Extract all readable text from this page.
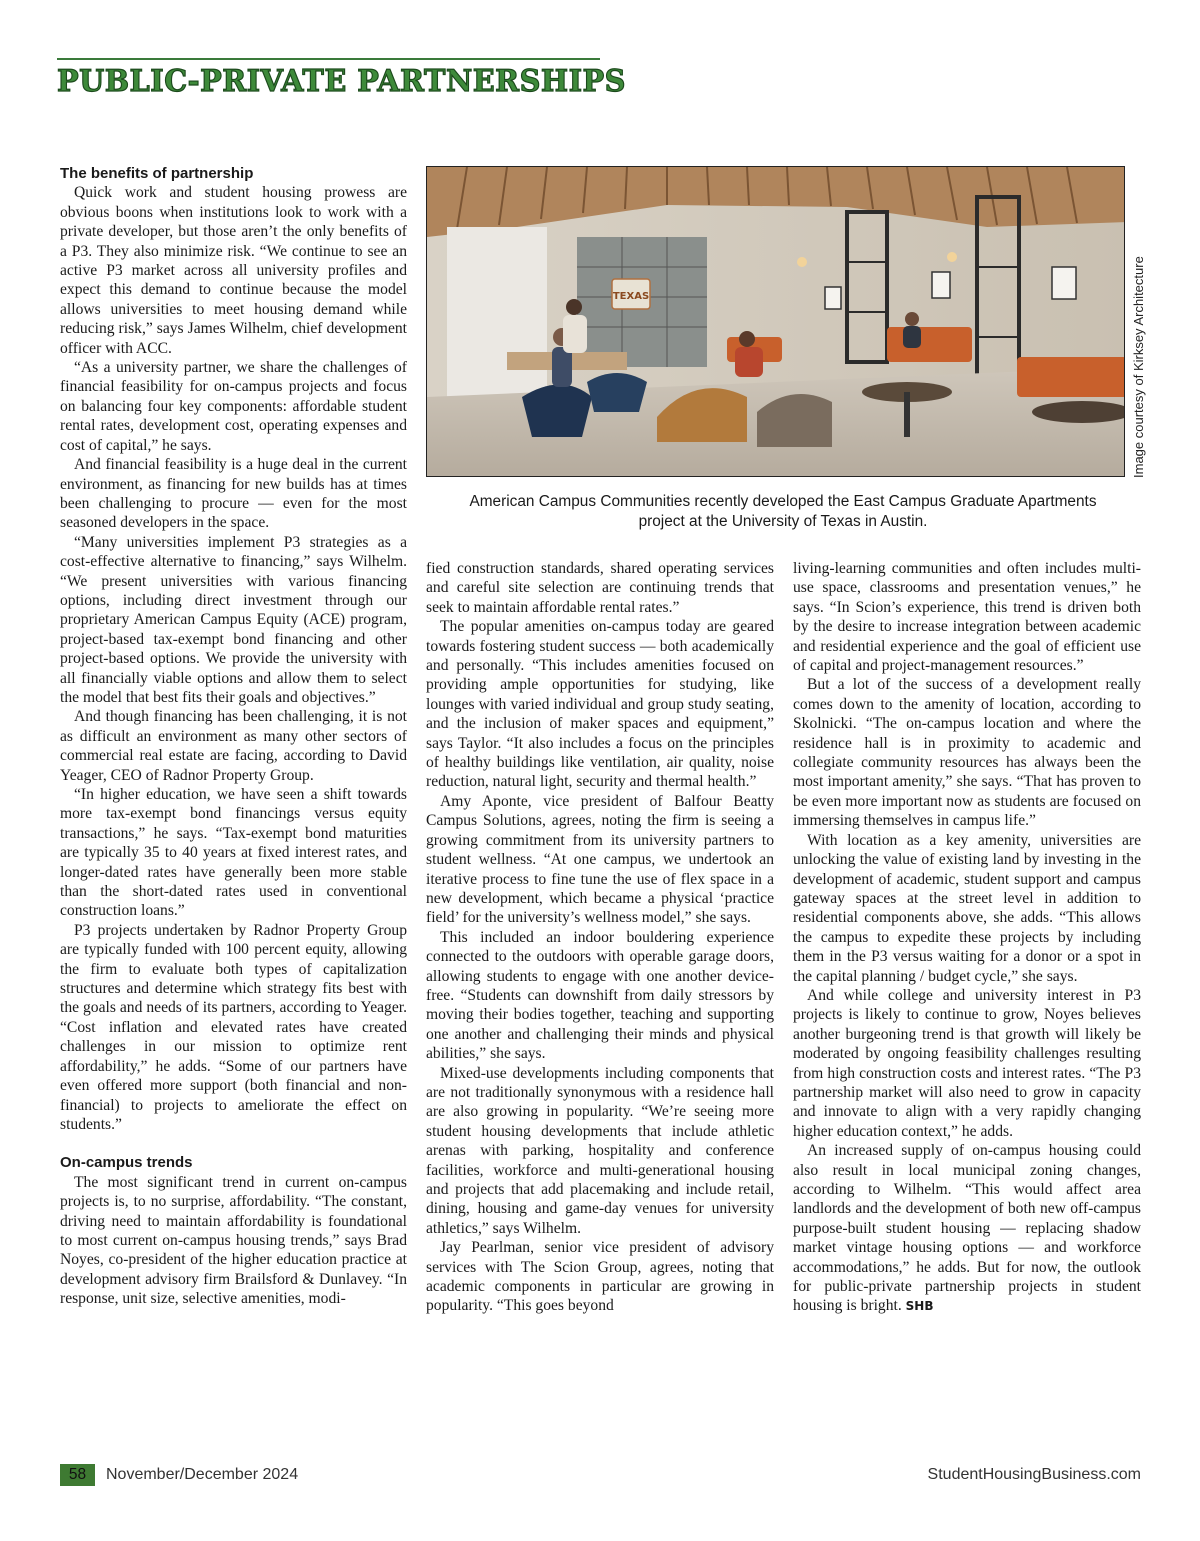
PUBLIC-PRIVATE PARTNERSHIPS
The benefits of partnership

Quick work and student housing prowess are obvious boons when institutions look to work with a private developer, but those aren’t the only benefits of a P3. They also minimize risk. “We continue to see an active P3 market across all university profiles and expect this demand to continue because the model allows universities to meet housing demand while reducing risk,” says James Wilhelm, chief development officer with ACC.

“As a university partner, we share the challenges of financial feasibility for on-campus projects and focus on balancing four key components: affordable student rental rates, development cost, operating expenses and cost of capital,” he says.

And financial feasibility is a huge deal in the current environment, as financing for new builds has at times been challenging to procure — even for the most seasoned developers in the space.

“Many universities implement P3 strategies as a cost-effective alternative to financing,” says Wilhelm. “We present universities with various financing options, including direct investment through our proprietary American Campus Equity (ACE) program, project-based tax-exempt bond financing and other project-based options. We provide the university with all financially viable options and allow them to select the model that best fits their goals and objectives.”

And though financing has been challenging, it is not as difficult an environment as many other sectors of commercial real estate are facing, according to David Yeager, CEO of Radnor Property Group.

“In higher education, we have seen a shift towards more tax-exempt bond financings versus equity transactions,” he says. “Tax-exempt bond maturities are typically 35 to 40 years at fixed interest rates, and longer-dated rates have generally been more stable than the short-dated rates used in conventional construction loans.”

P3 projects undertaken by Radnor Property Group are typically funded with 100 percent equity, allowing the firm to evaluate both types of capitalization structures and determine which strategy fits best with the goals and needs of its partners, according to Yeager. “Cost inflation and elevated rates have created challenges in our mission to optimize rent affordability,” he adds. “Some of our partners have even offered more support (both financial and non-financial) to projects to ameliorate the effect on students.”

On-campus trends

The most significant trend in current on-campus projects is, to no surprise, affordability. “The constant, driving need to maintain affordability is foundational to most current on-campus housing trends,” says Brad Noyes, co-president of the higher education practice at development advisory firm Brailsford & Dunlavey. “In response, unit size, selective amenities, modi-

TEXAS	Image courtesy of Kirksey Architecture
American Campus Communities recently developed the East Campus Graduate Apartments
project at the University of Texas in Austin.

fied construction standards, shared operating services and careful site selection are continuing trends that seek to maintain affordable rental rates.”

The popular amenities on-campus today are geared towards fostering student success — both academically and personally. “This includes amenities focused on providing ample opportunities for studying, like lounges with varied individual and group study seating, and the inclusion of maker spaces and equipment,” says Taylor. “It also includes a focus on the principles of healthy buildings like ventilation, air quality, noise reduction, natural light, security and thermal health.”

Amy Aponte, vice president of Balfour Beatty Campus Solutions, agrees, noting the firm is seeing a growing commitment from its university partners to student wellness. “At one campus, we undertook an iterative process to fine tune the use of flex space in a new development, which became a physical ‘practice field’ for the university’s wellness model,” she says.

This included an indoor bouldering experience connected to the outdoors with operable garage doors, allowing students to engage with one another device-free. “Students can downshift from daily stressors by moving their bodies together, teaching and supporting one another and challenging their minds and physical abilities,” she says.

Mixed-use developments including components that are not traditionally synonymous with a residence hall are also growing in popularity. “We’re seeing more student housing developments that include athletic arenas with parking, hospitality and conference facilities, workforce and multi-generational housing and projects that add placemaking and include retail, dining, housing and game-day venues for university athletics,” says Wilhelm.

Jay Pearlman, senior vice president of advisory services with The Scion Group, agrees, noting that academic components in particular are growing in popularity. “This goes beyond

living-learning communities and often includes multi-use space, classrooms and presentation venues,” he says. “In Scion’s experience, this trend is driven both by the desire to increase integration between academic and residential experience and the goal of efficient use of capital and project-management resources.”

But a lot of the success of a development really comes down to the amenity of location, according to Skolnicki. “The on-campus location and where the residence hall is in proximity to academic and collegiate community resources has always been the most important amenity,” she says. “That has proven to be even more important now as students are focused on immersing themselves in campus life.”

With location as a key amenity, universities are unlocking the value of existing land by investing in the development of academic, student support and campus gateway spaces at the street level in addition to residential components above, she adds. “This allows the campus to expedite these projects by including them in the P3 versus waiting for a donor or a spot in the capital planning / budget cycle,” she says.

And while college and university interest in P3 projects is likely to continue to grow, Noyes believes another burgeoning trend is that growth will likely be moderated by ongoing feasibility challenges resulting from high construction costs and interest rates. “The P3 partnership market will also need to grow in capacity and innovate to align with a very rapidly changing higher education context,” he adds.

An increased supply of on-campus housing could also result in local municipal zoning changes, according to Wilhelm. “This would affect area landlords and the development of both new off-campus purpose-built student housing — replacing shadow market vintage housing options — and workforce accommodations,” he adds. But for now, the outlook for public-private partnership projects in student housing is bright. SHB

58	November/December 2024	StudentHousingBusiness.com
